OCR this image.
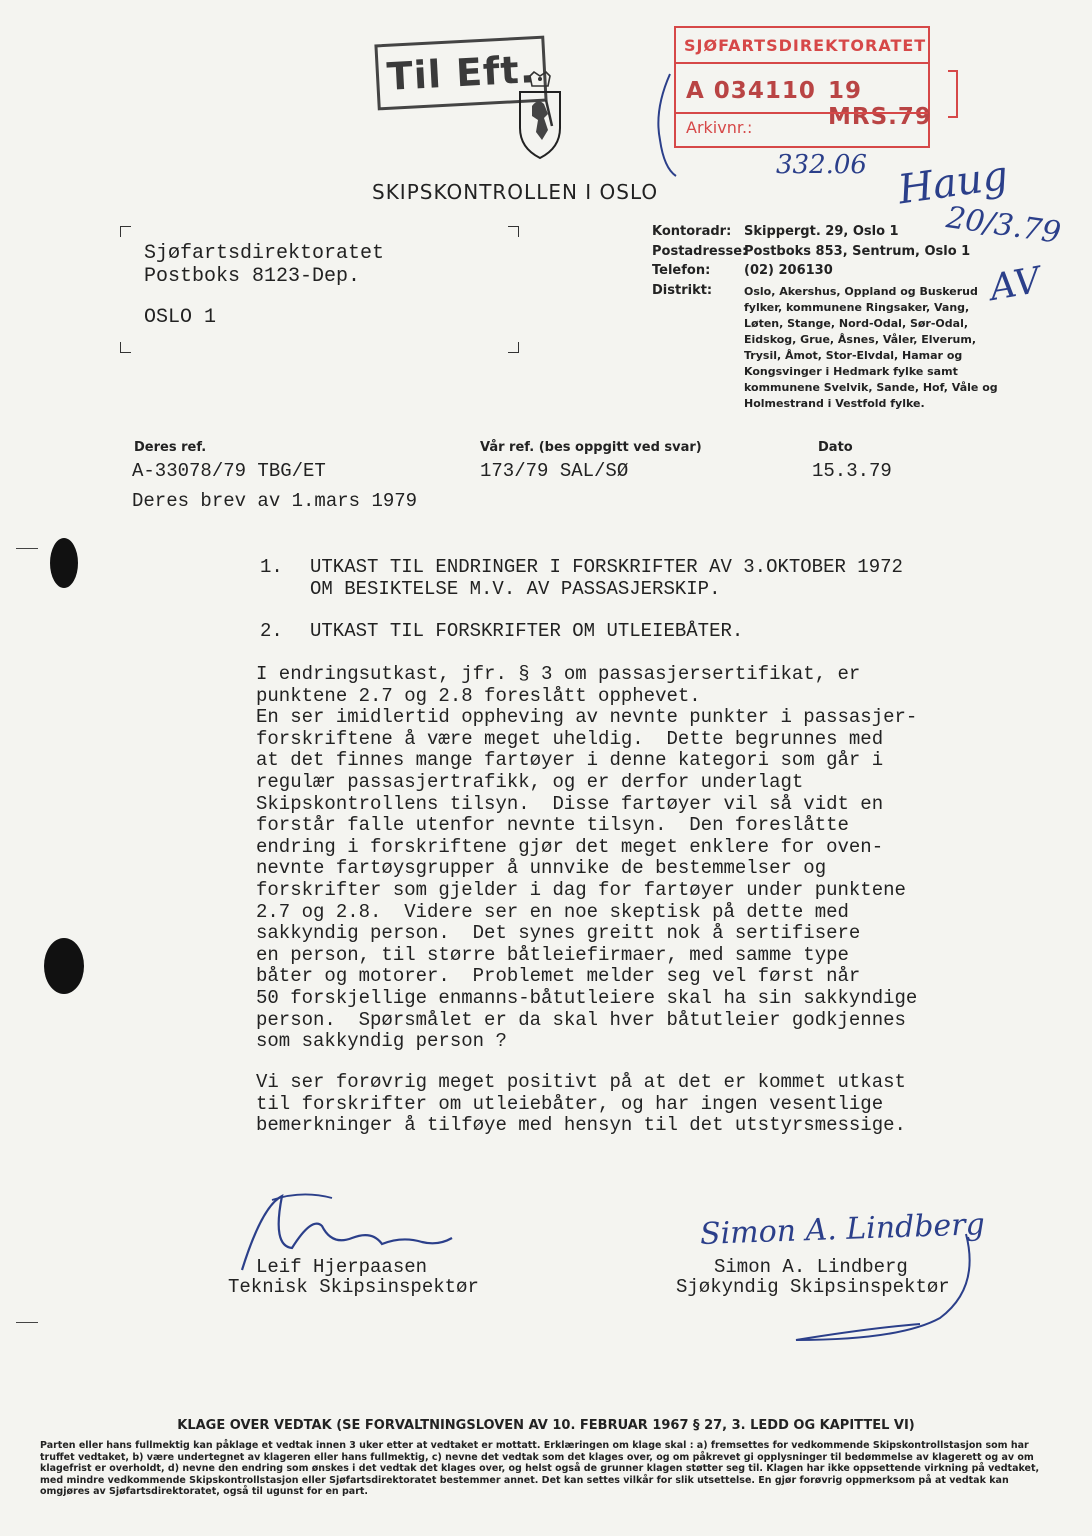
Til Eft.
SJØFARTSDIREKTORATET
A 034110 19 MRS.79
Arkivnr.:
332.06 Haug
20/3.79
AV
SKIPSKONTROLLEN I OSLO
Sjøfartsdirektoratet
Postboks 8123-Dep.
OSLO 1
Kontoradr:
Postadresse:
Telefon:
Distrikt:
Skippergt. 29, Oslo 1
Postboks 853, Sentrum, Oslo 1
(02) 206130
Oslo, Akershus, Oppland og Buskerud fylker, kommunene Ringsaker, Vang, Løten, Stange, Nord-Odal, Sør-Odal, Eidskog, Grue, Åsnes, Våler, Elverum, Trysil, Åmot, Stor-Elvdal, Hamar og Kongsvinger i Hedmark fylke samt kommunene Svelvik, Sande, Hof, Våle og Holmestrand i Vestfold fylke.
Deres ref.
A-33078/79 TBG/ET
Vår ref. (bes oppgitt ved svar)
173/79 SAL/SØ
Dato
15.3.79
Deres brev av 1.mars 1979
1. UTKAST TIL ENDRINGER I FORSKRIFTER AV 3.OKTOBER 1972
OM BESIKTELSE M.V. AV PASSASJERSKIP.
2. UTKAST TIL FORSKRIFTER OM UTLEIEBÅTER.
I endringsutkast, jfr. § 3 om passasjersertifikat, er
punktene 2.7 og 2.8 foreslått opphevet.
En ser imidlertid oppheving av nevnte punkter i passasjer-
forskriftene å være meget uheldig.  Dette begrunnes med
at det finnes mange fartøyer i denne kategori som går i
regulær passasjertrafikk, og er derfor underlagt
Skipskontrollens tilsyn.  Disse fartøyer vil så vidt en
forstår falle utenfor nevnte tilsyn.  Den foreslåtte
endring i forskriftene gjør det meget enklere for oven-
nevnte fartøysgrupper å unnvike de bestemmelser og
forskrifter som gjelder i dag for fartøyer under punktene
2.7 og 2.8.  Videre ser en noe skeptisk på dette med
sakkyndig person.  Det synes greitt nok å sertifisere
en person, til større båtleiefirmaer, med samme type
båter og motorer.  Problemet melder seg vel først når
50 forskjellige enmanns-båtutleiere skal ha sin sakkyndige
person.  Spørsmålet er da skal hver båtutleier godkjennes
som sakkyndig person ?
Vi ser forøvrig meget positivt på at det er kommet utkast
til forskrifter om utleiebåter, og har ingen vesentlige
bemerkninger å tilføye med hensyn til det utstyrsmessige.
Leif Hjerpaasen
Teknisk Skipsinspektør
Simon A. Lindberg
Simon A. Lindberg
Sjøkyndig Skipsinspektør
KLAGE OVER VEDTAK (SE FORVALTNINGSLOVEN AV 10. FEBRUAR 1967 § 27, 3. LEDD OG KAPITTEL VI)
Parten eller hans fullmektig kan påklage et vedtak innen 3 uker etter at vedtaket er mottatt. Erklæringen om klage skal : a) fremsettes for vedkommende Skipskontrollstasjon som har truffet vedtaket, b) være undertegnet av klageren eller hans fullmektig, c) nevne det vedtak som det klages over, og om påkrevet gi opplysninger til bedømmelse av klagerett og av om klagefrist er overholdt, d) nevne den endring som ønskes i det vedtak det klages over, og helst også de grunner klagen støtter seg til. Klagen har ikke oppsettende virkning på vedtaket, med mindre vedkommende Skipskontrollstasjon eller Sjøfartsdirektoratet bestemmer annet. Det kan settes vilkår for slik utsettelse. En gjør forøvrig oppmerksom på at vedtak kan omgjøres av Sjøfartsdirektoratet, også til ugunst for en part.
